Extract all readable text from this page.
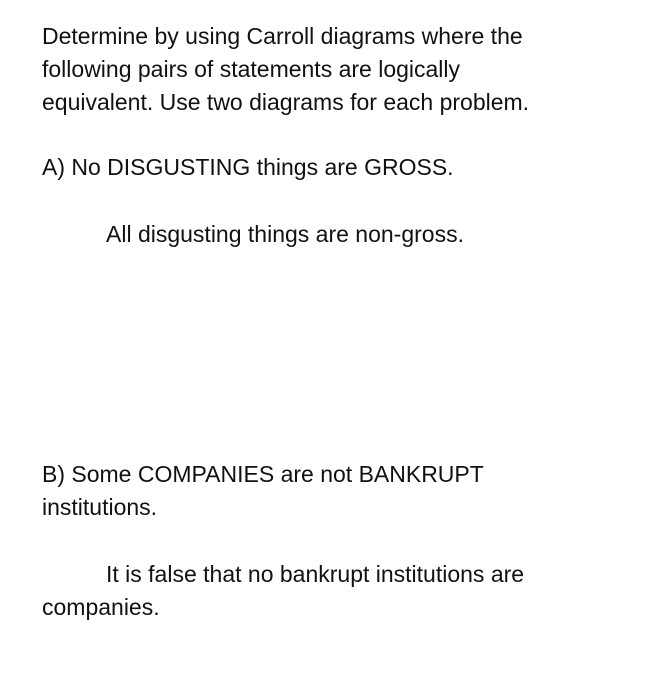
Determine by using Carroll diagrams where the
following pairs of statements are logically
equivalent. Use two diagrams for each problem.
A) No DISGUSTING things are GROSS.
All disgusting things are non-gross.
B) Some COMPANIES are not BANKRUPT
institutions.
It is false that no bankrupt institutions are
companies.
